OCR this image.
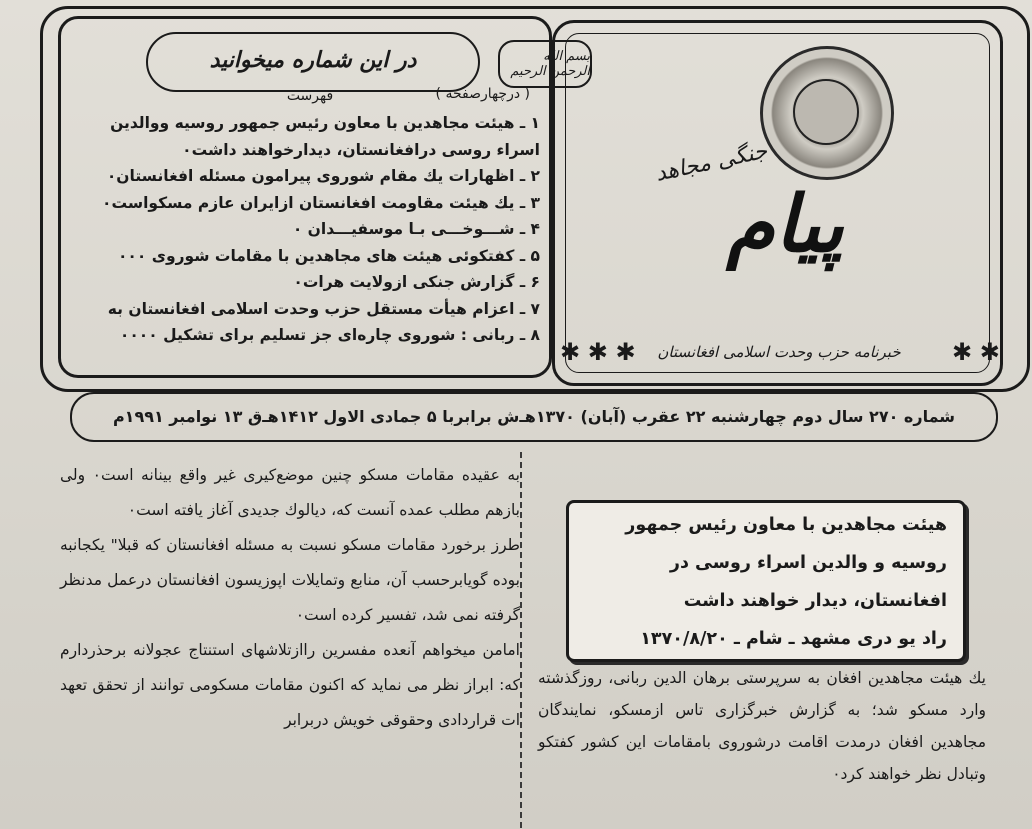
بسم الله الرحمن الرحیم
جنگی مجاهد
پیام
✱ ✱
خبرنامه حزب وحدت اسلامی افغانستان
✱ ✱ ✱
در این شماره میخوانید
فهرست	( درچهارصفحه )
۱ ـ هیئت مجاهدین با معاون رئیس جمهور روسیه ووالدین
اسراء روسی درافغانستان، دیدارخواهند داشت٠
۲ ـ اظهارات یك مقام شوروی پیرامون مسئله افغانستان٠
۳ ـ یك هیئت مقاومت افغانستان ازایران عازم مسکواست٠
۴ ـ شـــوخـــی بـا موسفیـــدان ٠
۵ ـ کفتکوئی هیئت های مجاهدین با مقامات شوروی ٠٠٠
۶ ـ گزارش جنکی ازولایت هرات٠
۷ ـ اعزام هیأت مستقل حزب وحدت اسلامی افغانستان به
۸ ـ ربانی : شوروی چاره‌ای جز تسلیم برای تشکیل ٠٠٠٠
شماره ۲۷۰ سال دوم چهارشنبه ۲۲ عقرب (آبان) ۱۳۷۰هـ‌ش برابربا ۵ جمادی الاول ۱۴۱۲هـ‌ق ۱۳ نوامبر ۱۹۹۱م

به عقیده مقامات مسکو چنین موضع‌کیری غیر واقع بینانه است٠ ولی بازهم مطلب عمده آنست که، دیالوك جدیدی آغاز یافته است٠

طرز برخورد مقامات مسکو نسبت به مسئله افغانستان که قبلا" یکجانبه بوده گویابرحسب آن، منابع وتمایلات اپوزیسون افغانستان درعمل مدنظر گرفته نمی شد، تفسیر کرده است٠

امامن میخواهم آنعده مفسرین راازتلاشهای استنتاج عجولانه برحذردارم که: ابراز نظر می نماید که اکنون مقامات مسکومی توانند از تحقق تعهد ات قراردادی وحقوقی خویش دربرابر

هیئت مجاهدین با معاون رئیس جمهور
روسیه و والدین اسراء روسی در
افغانستان، دیدار خواهند داشت
راد یو دری مشهد ـ شام ـ ۱۳۷۰/۸/۲۰

یك هیئت مجاهدین افغان به سرپرستی برهان الدین ربانی، روزگذشته وارد مسکو شد؛ به گزارش خبرگزاری تاس ازمسکو، نمایندگان مجاهدین افغان درمدت اقامت درشوروی بامقامات این کشور کفتکو وتبادل نظر خواهند کرد٠
